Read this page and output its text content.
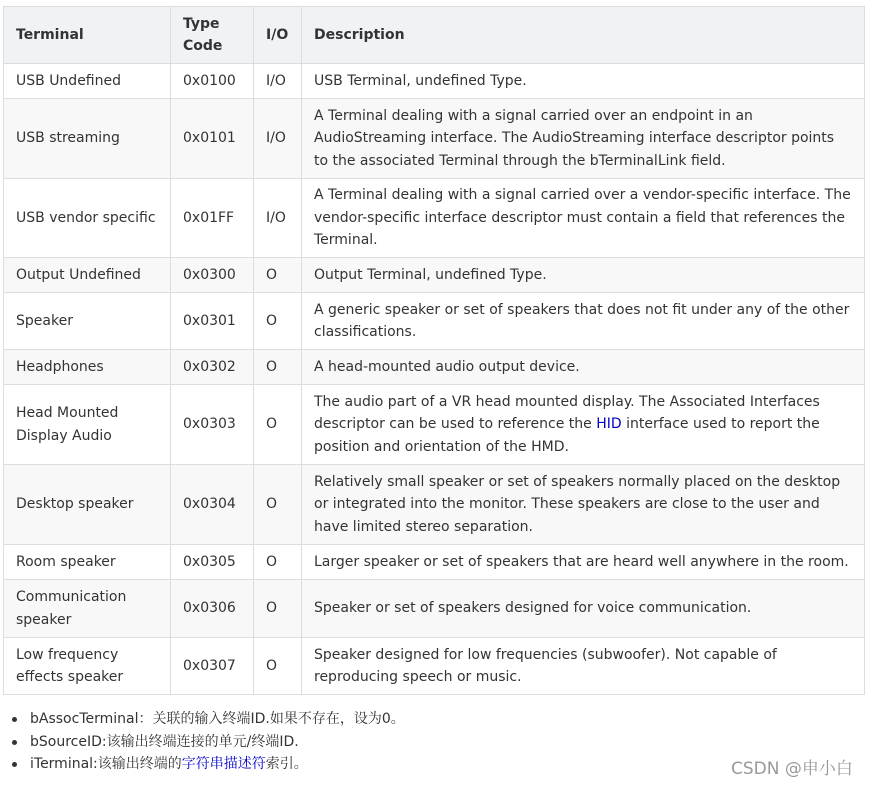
Terminal	Type Code	I/O	Description
USB Undefined	0x0100	I/O	USB Terminal, undefined Type.
USB streaming	0x0101	I/O	A Terminal dealing with a signal carried over an endpoint in an AudioStreaming interface. The AudioStreaming interface descriptor points to the associated Terminal through the bTerminalLink field.
USB vendor specific	0x01FF	I/O	A Terminal dealing with a signal carried over a vendor-specific interface. The vendor-specific interface descriptor must contain a field that references the Terminal.
Output Undefined	0x0300	O	Output Terminal, undefined Type.
Speaker	0x0301	O	A generic speaker or set of speakers that does not fit under any of the other classifications.
Headphones	0x0302	O	A head-mounted audio output device.
Head Mounted Display Audio	0x0303	O	The audio part of a VR head mounted display. The Associated Interfaces descriptor can be used to reference the HID interface used to report the position and orientation of the HMD.
Desktop speaker	0x0304	O	Relatively small speaker or set of speakers normally placed on the desktop or integrated into the monitor. These speakers are close to the user and have limited stereo separation.
Room speaker	0x0305	O	Larger speaker or set of speakers that are heard well anywhere in the room.
Communication speaker	0x0306	O	Speaker or set of speakers designed for voice communication.
Low frequency effects speaker	0x0307	O	Speaker designed for low frequencies (subwoofer). Not capable of reproducing speech or music.
bAssocTerminal：关联的输入终端ID.如果不存在，设为0。
bSourceID:该输出终端连接的单元/终端ID.
iTerminal:该输出终端的字符串描述符索引。	CSDN @申小白
